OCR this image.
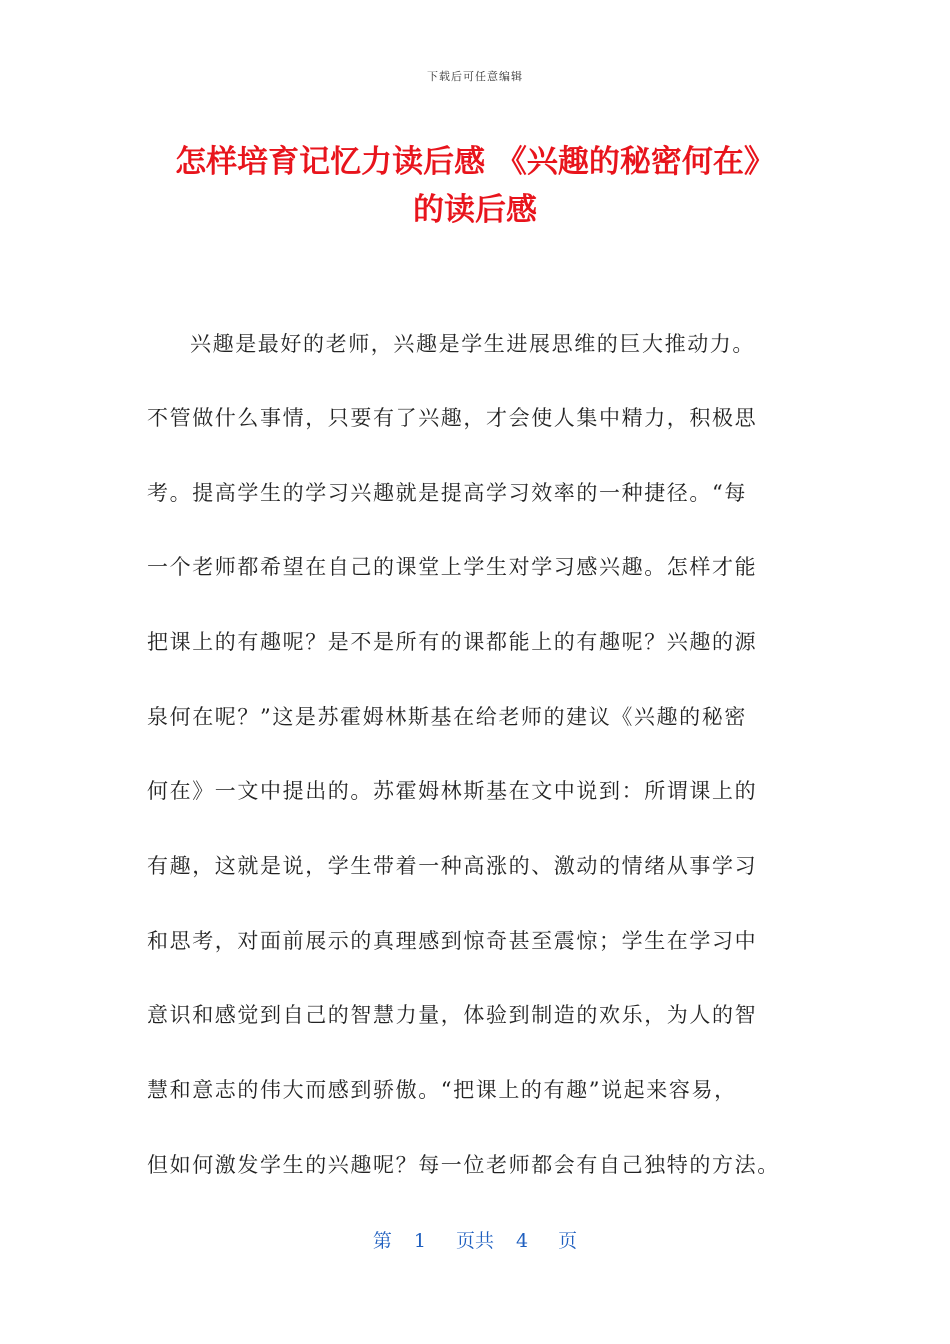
下载后可任意编辑
怎样培育记忆力读后感 《兴趣的秘密何在》
的读后感
兴趣是最好的老师，兴趣是学生进展思维的巨大推动力。
不管做什么事情，只要有了兴趣，才会使人集中精力，积极思
考。提高学生的学习兴趣就是提高学习效率的一种捷径。“每
一个老师都希望在自己的课堂上学生对学习感兴趣。怎样才能
把课上的有趣呢？是不是所有的课都能上的有趣呢？兴趣的源
泉何在呢？”这是苏霍姆林斯基在给老师的建议《兴趣的秘密
何在》一文中提出的。苏霍姆林斯基在文中说到：所谓课上的
有趣，这就是说，学生带着一种高涨的、激动的情绪从事学习
和思考，对面前展示的真理感到惊奇甚至震惊；学生在学习中
意识和感觉到自己的智慧力量，体验到制造的欢乐，为人的智
慧和意志的伟大而感到骄傲。“把课上的有趣”说起来容易，
但如何激发学生的兴趣呢？每一位老师都会有自己独特的方法。
第 1 页共 4 页
